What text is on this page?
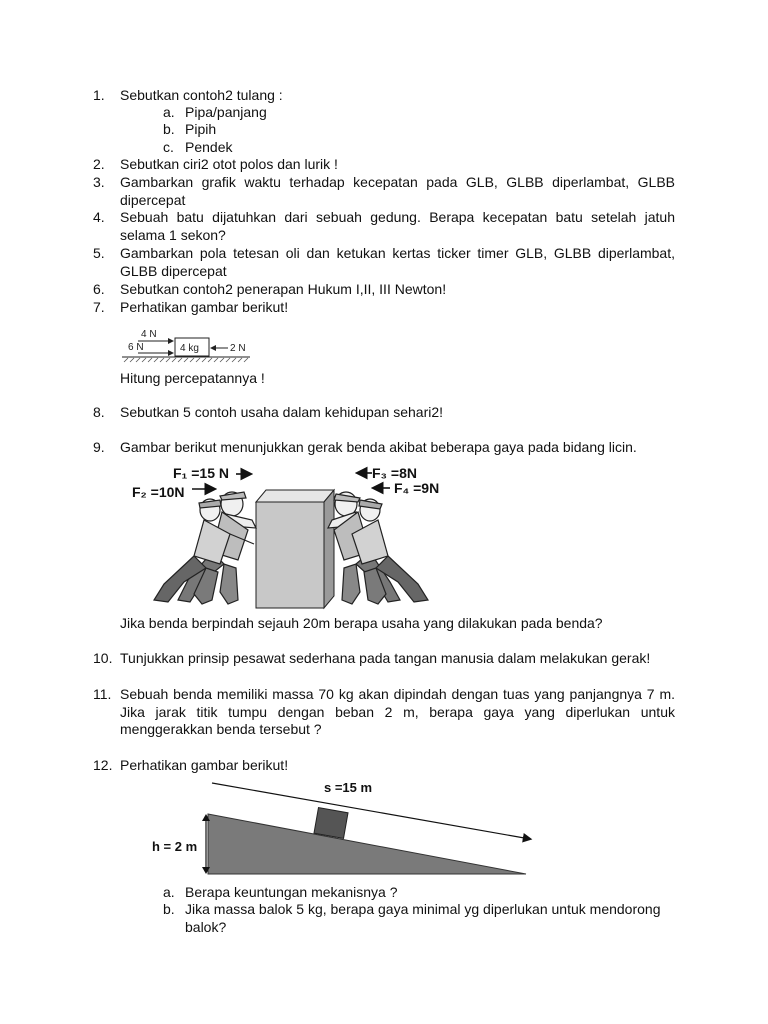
1. Sebutkan contoh2 tulang :
a. Pipa/panjang
b. Pipih
c. Pendek
2. Sebutkan ciri2 otot polos dan lurik !
3. Gambarkan grafik waktu terhadap kecepatan pada GLB, GLBB diperlambat, GLBB dipercepat
4. Sebuah batu dijatuhkan dari sebuah gedung. Berapa kecepatan batu setelah jatuh selama 1 sekon?
5. Gambarkan pola tetesan oli dan ketukan kertas ticker timer GLB, GLBB diperlambat, GLBB dipercepat
6. Sebutkan contoh2 penerapan Hukum I,II, III Newton!
7. Perhatikan gambar berikut!
4 N
6 N	4 kg	2 N
Hitung percepatannya !
8. Sebutkan 5 contoh usaha dalam kehidupan sehari2!
9. Gambar berikut menunjukkan gerak benda akibat beberapa gaya pada bidang licin.
F₁ =15 N
F₂ =10N
F₃ =8N
F₄ =9N
Jika benda berpindah sejauh 20m berapa usaha yang dilakukan pada benda?
10. Tunjukkan prinsip pesawat sederhana pada tangan manusia dalam melakukan gerak!
11. Sebuah benda memiliki massa 70 kg akan dipindah dengan tuas yang panjangnya 7 m. Jika jarak titik tumpu dengan beban 2 m, berapa gaya yang diperlukan untuk menggerakkan benda tersebut ?
12. Perhatikan gambar berikut!
s =15 m
h = 2 m
a. Berapa keuntungan mekanisnya ?
b. Jika massa balok 5 kg, berapa gaya minimal yg diperlukan untuk mendorong balok?
